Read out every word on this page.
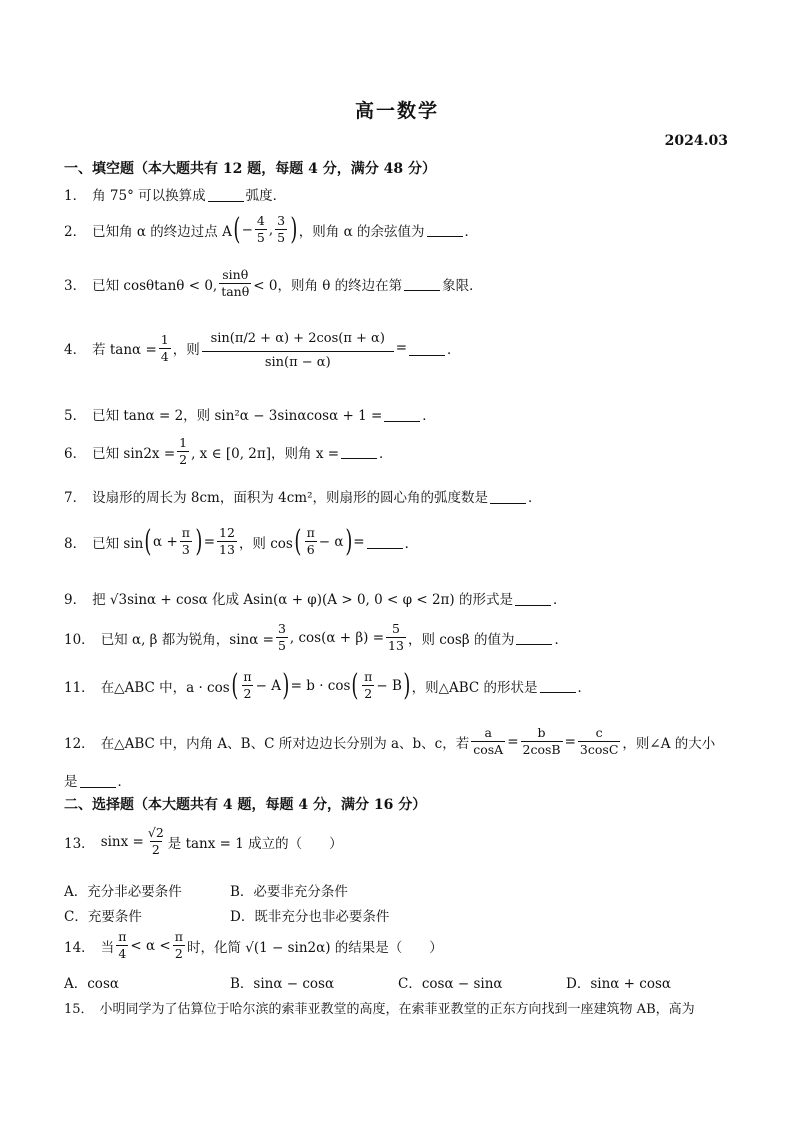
高一数学
2024.03
一、填空题（本大题共有 12 题，每题 4 分，满分 48 分）
1． 角 75° 可以换算成	弧度．
2． 已知角 α 的终边过点 A ( − $\frac{4}{5}$ , $\frac{3}{5}$ ) ，则角 α 的余弦值为	．
3． 已知 cosθtanθ < 0, $\frac{\sin\theta}{\tan\theta} < 0$，则角 θ 的终边在第	象限．
4． 若 $\tan\alpha = \frac{1}{4}$ ，则 $\frac{\sin(\pi/2 + \alpha) + 2\cos(\pi + \alpha)}{\sin(\pi - \alpha)}$ =	．
5． 已知 tanα = 2，则 sin²α − 3sinαcosα + 1 =	．
6． 已知 $\sin 2x = \frac{1}{2}$ , x ∈ [0, 2π]，则角 x =	．
7． 设扇形的周长为 8cm，面积为 4cm²，则扇形的圆心角的弧度数是	．
8． 已知 sin ( $\alpha + \frac{\pi}{3}$ ) = $\frac{12}{13}$ ，则 cos ( $\frac{\pi}{6} - \alpha$ ) =	．
9． 把 √3sinα + cosα 化成 Asin(α + φ)(A > 0, 0 < φ < 2π) 的形式是	．
10． 已知 α, β 都为锐角，$\sin\alpha = \frac{3}{5}$ , $\cos(\alpha + \beta) = \frac{5}{13}$ ，则 cosβ 的值为	．
11． 在△ABC 中，a · cos ( $\frac{\pi}{2} - A$ ) = b · cos ( $\frac{\pi}{2} - B$ ) ，则△ABC 的形状是	．
12． 在△ABC 中，内角 A、B、C 所对边边长分别为 a、b、c，若 $\frac{a}{\cos A} = \frac{b}{2\cos B} = \frac{c}{3\cos C}$ ，则∠A 的大小
是	．
二、选择题（本大题共有 4 题，每题 4 分，满分 16 分）
13． $\sin x = \frac{√2}{2}$ 是 tanx = 1 成立的（　　）
A．充分非必要条件	B．必要非充分条件
C．充要条件	D．既非充分也非必要条件
14． 当 $\frac{\pi}{4} < \alpha < \frac{\pi}{2}$ 时，化简 √(1 − sin2α) 的结果是（　　）
A．cosα	B．sinα − cosα	C．cosα − sinα	D．sinα + cosα
15． 小明同学为了估算位于哈尔滨的索菲亚教堂的高度，在索菲亚教堂的正东方向找到一座建筑物 AB，高为
